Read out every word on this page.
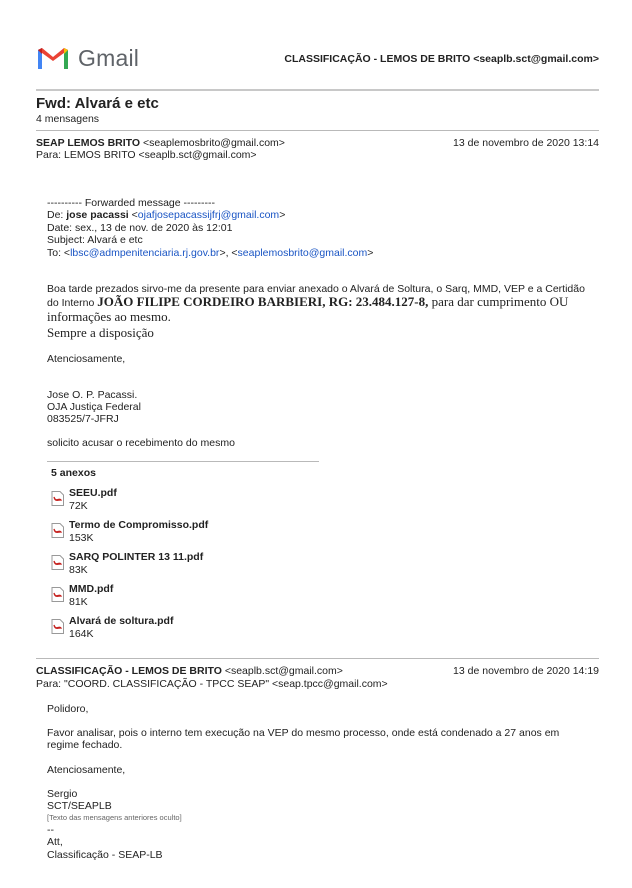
Gmail	CLASSIFICAÇÃO - LEMOS DE BRITO <seaplb.sct@gmail.com>
Fwd: Alvará e etc
4 mensagens
SEAP LEMOS BRITO <seaplemosbrito@gmail.com>	13 de novembro de 2020 13:14
Para: LEMOS BRITO <seaplb.sct@gmail.com>
---------- Forwarded message ---------
De: jose pacassi <ojafjosepacassijfrj@gmail.com>
Date: sex., 13 de nov. de 2020 às 12:01
Subject: Alvará e etc
To: <lbsc@admpenitenciaria.rj.gov.br>, <seaplemosbrito@gmail.com>
Boa tarde prezados sirvo-me da presente para enviar anexado o Alvará de Soltura, o Sarq, MMD, VEP e a Certidão
do Interno JOÃO FILIPE CORDEIRO BARBIERI, RG: 23.484.127-8, para dar cumprimento OU
informações ao mesmo.
Sempre a disposição
Atenciosamente,
Jose O. P. Pacassi.
OJA Justiça Federal
083525/7-JFRJ
solicito acusar o recebimento do mesmo
5 anexos
SEEU.pdf
72K
Termo de Compromisso.pdf
153K
SARQ POLINTER 13 11.pdf
83K
MMD.pdf
81K
Alvará de soltura.pdf
164K
CLASSIFICAÇÃO - LEMOS DE BRITO <seaplb.sct@gmail.com>	13 de novembro de 2020 14:19
Para: "COORD. CLASSIFICAÇÃO - TPCC SEAP" <seap.tpcc@gmail.com>
Polidoro,
Favor analisar, pois o interno tem execução na VEP do mesmo processo, onde está condenado a 27 anos em
regime fechado.
Atenciosamente,
Sergio
SCT/SEAPLB
[Texto das mensagens anteriores oculto]
--
Att,
Classificação - SEAP-LB
